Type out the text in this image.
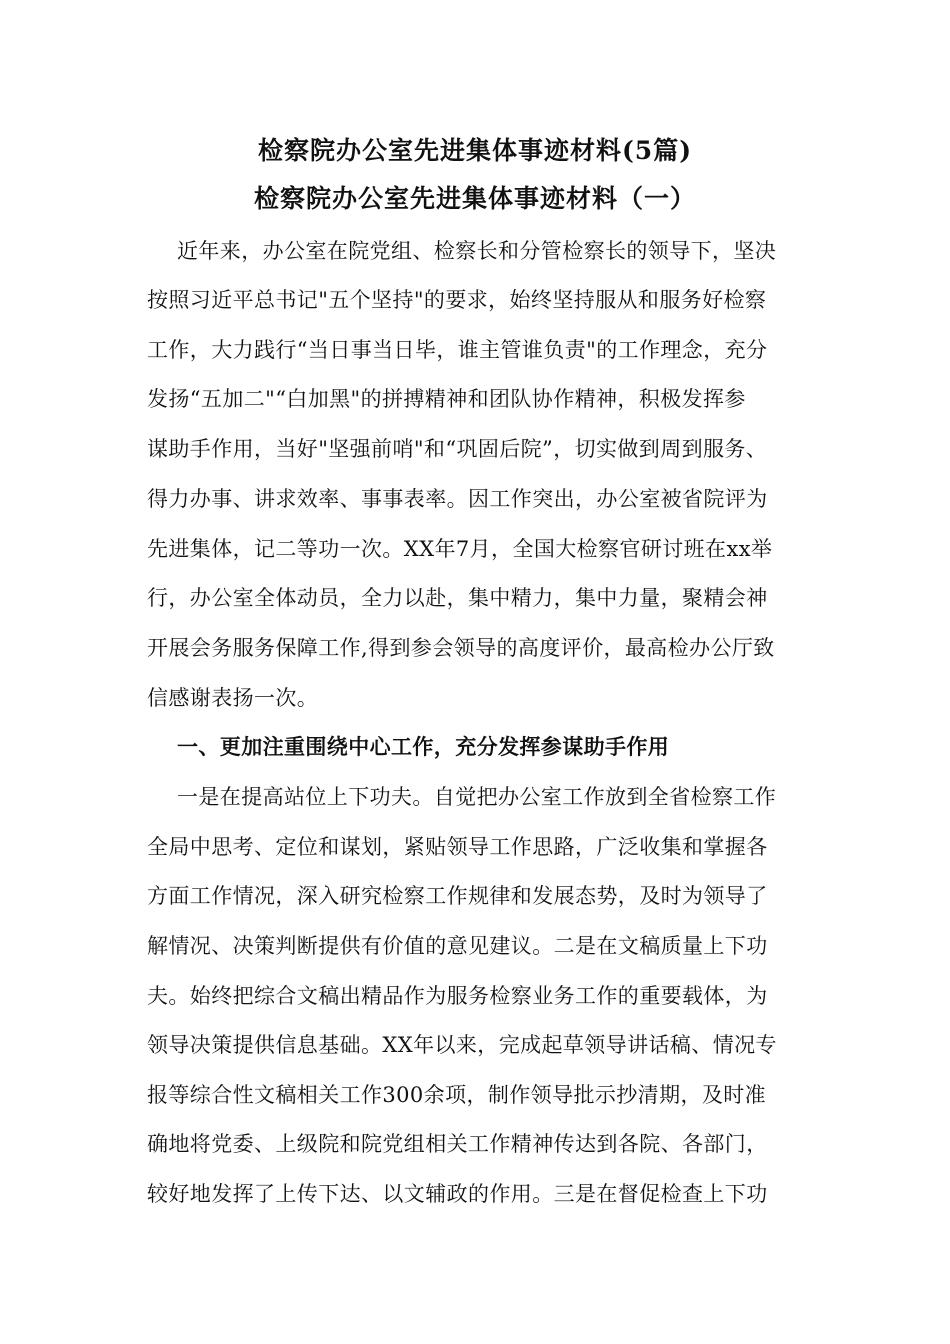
检察院办公室先进集体事迹材料(5篇)
检察院办公室先进集体事迹材料（一）
近年来，办公室在院党组、检察长和分管检察长的领导下，坚决
按照习近平总书记"五个坚持"的要求，始终坚持服从和服务好检察
工作，大力践行“当日事当日毕，谁主管谁负责"的工作理念，充分
发扬“五加二"“白加黑"的拼搏精神和团队协作精神，积极发挥参
谋助手作用，当好"坚强前哨"和“巩固后院”，切实做到周到服务、
得力办事、讲求效率、事事表率。因工作突出，办公室被省院评为
先进集体，记二等功一次。XX年7月，全国大检察官研讨班在xx举
行，办公室全体动员，全力以赴，集中精力，集中力量，聚精会神
开展会务服务保障工作,得到参会领导的高度评价，最高检办公厅致
信感谢表扬一次。
一、更加注重围绕中心工作，充分发挥参谋助手作用
一是在提高站位上下功夫。自觉把办公室工作放到全省检察工作
全局中思考、定位和谋划，紧贴领导工作思路，广泛收集和掌握各
方面工作情况，深入研究检察工作规律和发展态势，及时为领导了
解情况、决策判断提供有价值的意见建议。二是在文稿质量上下功
夫。始终把综合文稿出精品作为服务检察业务工作的重要载体，为
领导决策提供信息基础。XX年以来，完成起草领导讲话稿、情况专
报等综合性文稿相关工作300余项，制作领导批示抄清期，及时准
确地将党委、上级院和院党组相关工作精神传达到各院、各部门，
较好地发挥了上传下达、以文辅政的作用。三是在督促检查上下功
